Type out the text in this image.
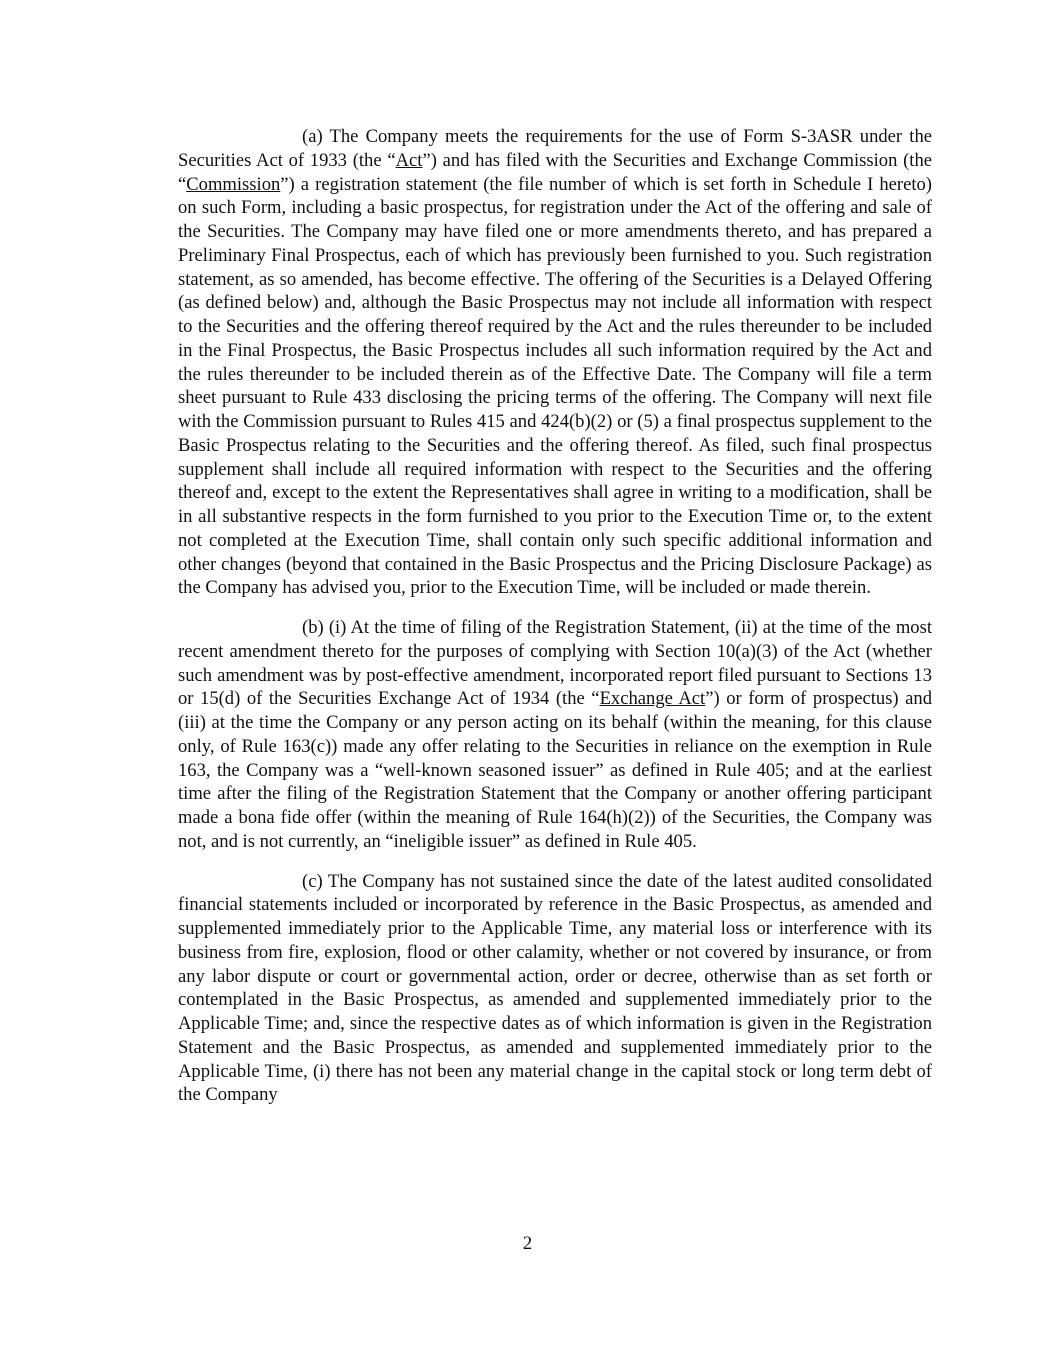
(a) The Company meets the requirements for the use of Form S-3ASR under the Securities Act of 1933 (the “Act”) and has filed with the Securities and Exchange Commission (the “Commission”) a registration statement (the file number of which is set forth in Schedule I hereto) on such Form, including a basic prospectus, for registration under the Act of the offering and sale of the Securities. The Company may have filed one or more amendments thereto, and has prepared a Preliminary Final Prospectus, each of which has previously been furnished to you. Such registration statement, as so amended, has become effective. The offering of the Securities is a Delayed Offering (as defined below) and, although the Basic Prospectus may not include all information with respect to the Securities and the offering thereof required by the Act and the rules thereunder to be included in the Final Prospectus, the Basic Prospectus includes all such information required by the Act and the rules thereunder to be included therein as of the Effective Date. The Company will file a term sheet pursuant to Rule 433 disclosing the pricing terms of the offering. The Company will next file with the Commission pursuant to Rules 415 and 424(b)(2) or (5) a final prospectus supplement to the Basic Prospectus relating to the Securities and the offering thereof. As filed, such final prospectus supplement shall include all required information with respect to the Securities and the offering thereof and, except to the extent the Representatives shall agree in writing to a modification, shall be in all substantive respects in the form furnished to you prior to the Execution Time or, to the extent not completed at the Execution Time, shall contain only such specific additional information and other changes (beyond that contained in the Basic Prospectus and the Pricing Disclosure Package) as the Company has advised you, prior to the Execution Time, will be included or made therein.

(b) (i) At the time of filing of the Registration Statement, (ii) at the time of the most recent amendment thereto for the purposes of complying with Section 10(a)(3) of the Act (whether such amendment was by post-effective amendment, incorporated report filed pursuant to Sections 13 or 15(d) of the Securities Exchange Act of 1934 (the “Exchange Act”) or form of prospectus) and (iii) at the time the Company or any person acting on its behalf (within the meaning, for this clause only, of Rule 163(c)) made any offer relating to the Securities in reliance on the exemption in Rule 163, the Company was a “well-known seasoned issuer” as defined in Rule 405; and at the earliest time after the filing of the Registration Statement that the Company or another offering participant made a bona fide offer (within the meaning of Rule 164(h)(2)) of the Securities, the Company was not, and is not currently, an “ineligible issuer” as defined in Rule 405.

(c) The Company has not sustained since the date of the latest audited consolidated financial statements included or incorporated by reference in the Basic Prospectus, as amended and supplemented immediately prior to the Applicable Time, any material loss or interference with its business from fire, explosion, flood or other calamity, whether or not covered by insurance, or from any labor dispute or court or governmental action, order or decree, otherwise than as set forth or contemplated in the Basic Prospectus, as amended and supplemented immediately prior to the Applicable Time; and, since the respective dates as of which information is given in the Registration Statement and the Basic Prospectus, as amended and supplemented immediately prior to the Applicable Time, (i) there has not been any material change in the capital stock or long term debt of the Company

2
